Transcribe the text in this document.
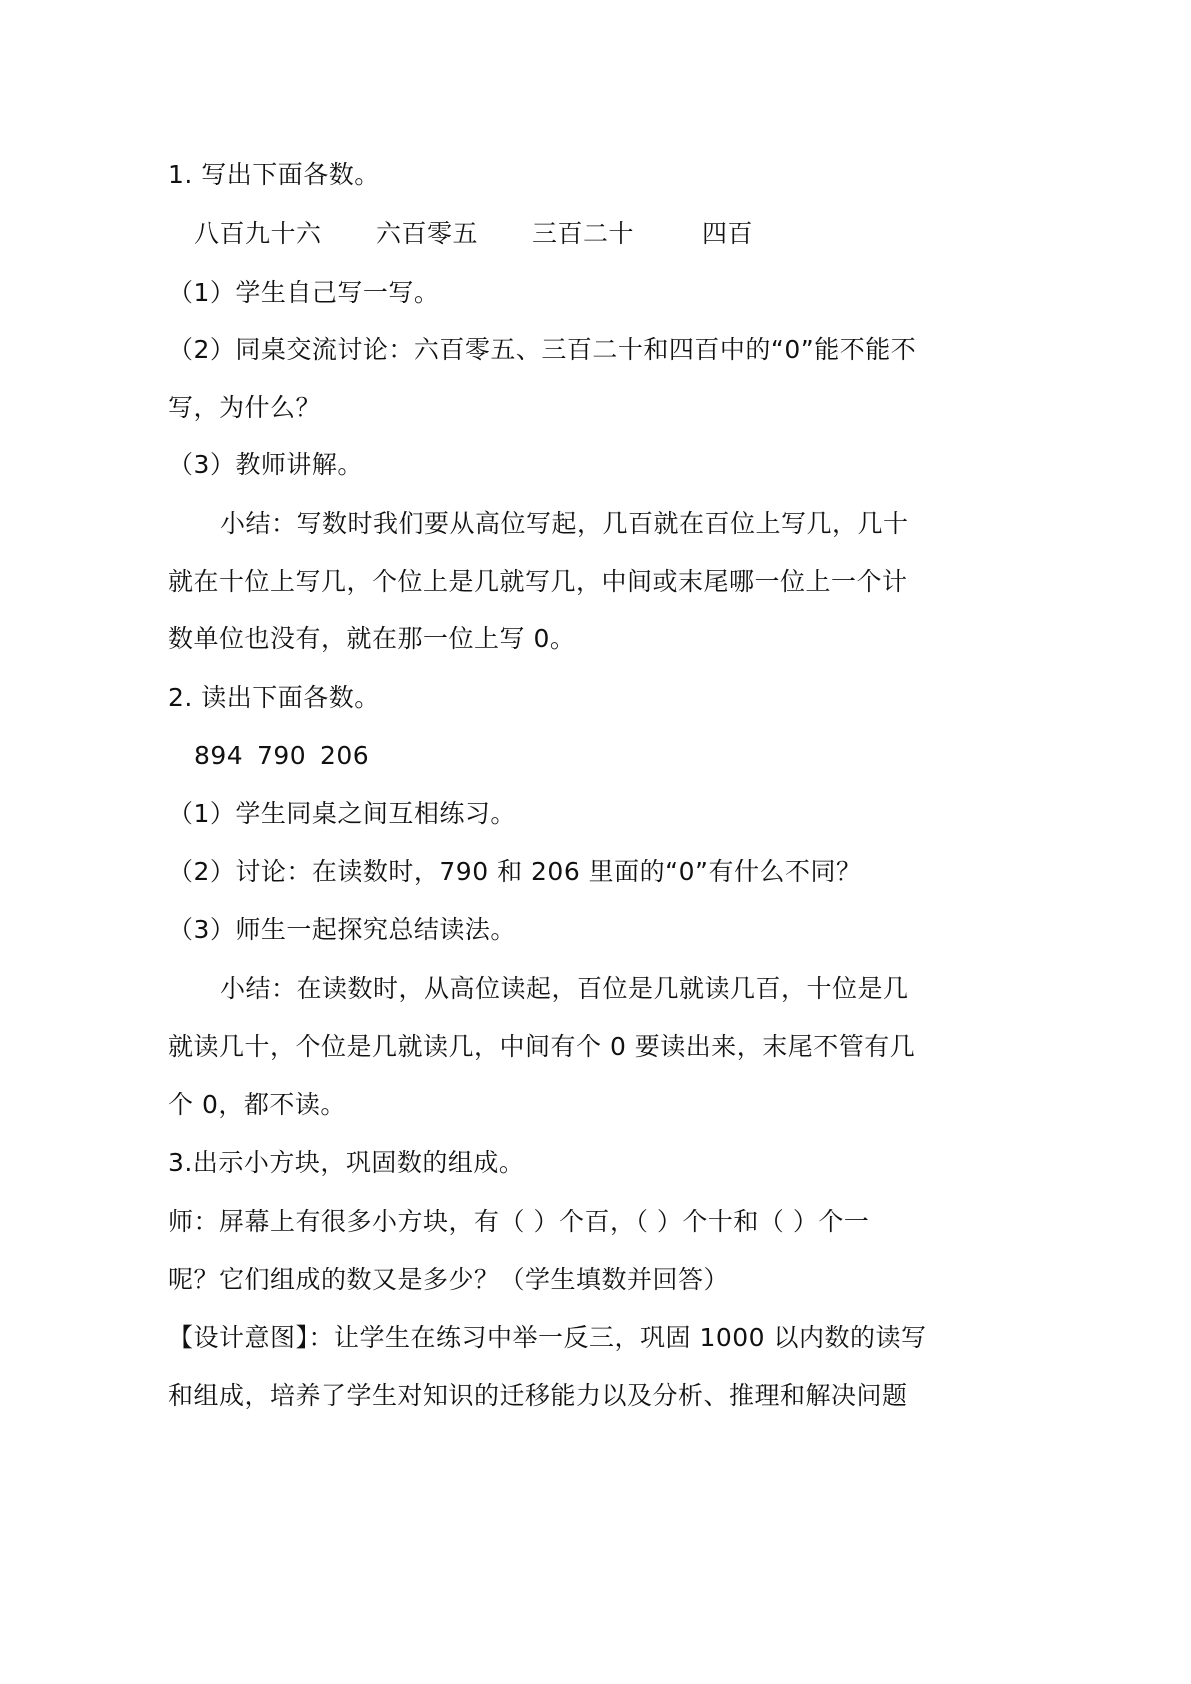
1. 写出下面各数。
八百九十六 六百零五 三百二十	四百
（1）学生自己写一写。
（2）同桌交流讨论：六百零五、三百二十和四百中的“0”能不能不
写，为什么？
（3）教师讲解。
小结：写数时我们要从高位写起，几百就在百位上写几，几十
就在十位上写几，个位上是几就写几，中间或末尾哪一位上一个计
数单位也没有，就在那一位上写 0。
2. 读出下面各数。
894 790 206
（1）学生同桌之间互相练习。
（2）讨论：在读数时，790 和 206 里面的“0”有什么不同？
（3）师生一起探究总结读法。
小结：在读数时，从高位读起，百位是几就读几百，十位是几
就读几十，个位是几就读几，中间有个 0 要读出来，末尾不管有几
个 0，都不读。
3.出示小方块，巩固数的组成。
师：屏幕上有很多小方块，有（ ）个百，（ ）个十和（ ）个一
呢？它们组成的数又是多少？（学生填数并回答）
【设计意图】：让学生在练习中举一反三，巩固 1000 以内数的读写
和组成，培养了学生对知识的迁移能力以及分析、推理和解决问题
